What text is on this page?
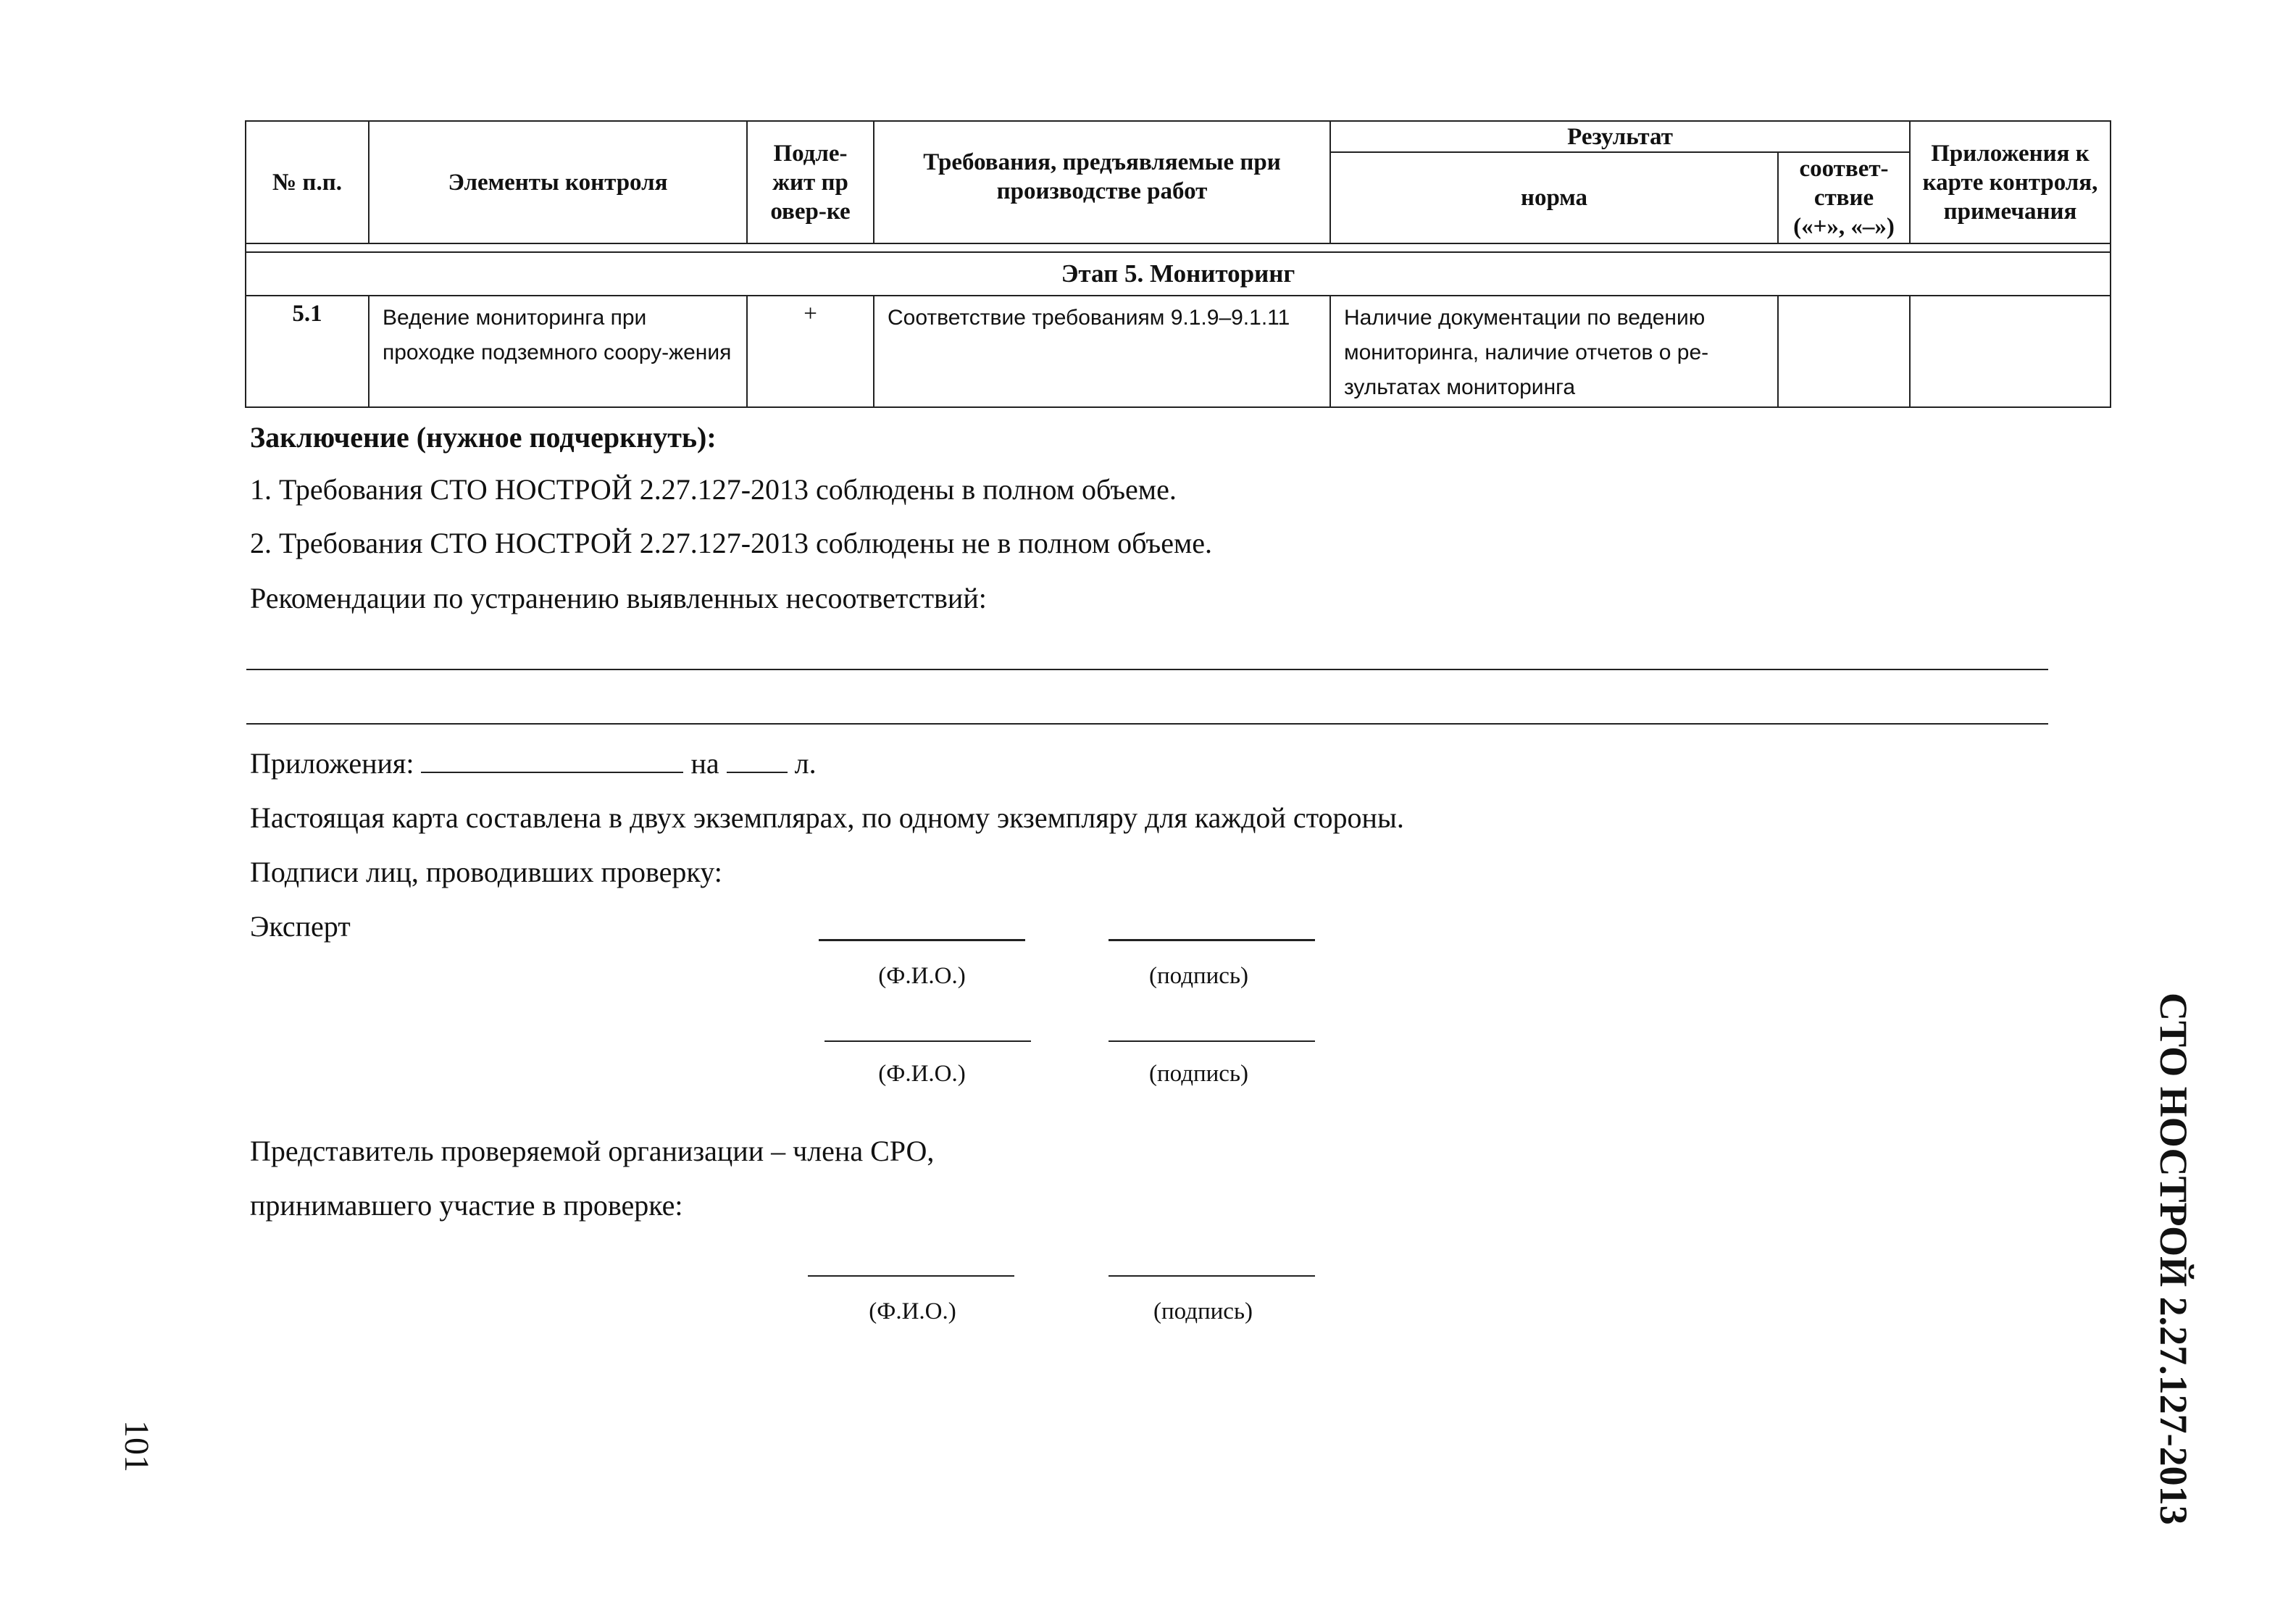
№ п.п.	Элементы контроля	Подле-жит провер-ке	Требования, предъявляемые при производстве работ	Результат		Приложения к карте контроля, примечания
				норма	соответ-ствие («+», «–»)	

Этап 5. Мониторинг						
5.1	Ведение мониторинга при проходке подземного соору-жения	+	Соответствие требованиям 9.1.9–9.1.11	Наличие документации по ведению мониторинга, наличие отчетов о ре-зультатах мониторинга		
Заключение (нужное подчеркнуть):
1. Требования СТО НОСТРОЙ 2.27.127-2013 соблюдены в полном объеме.
2. Требования СТО НОСТРОЙ 2.27.127-2013 соблюдены не в полном объеме.
Рекомендации по устранению выявленных несоответствий:
Приложения:	на	л.
Настоящая карта составлена в двух экземплярах, по одному экземпляру для каждой стороны.
Подписи лиц, проводивших проверку:
Эксперт
(Ф.И.О.)	(подпись)
(Ф.И.О.)	(подпись)
Представитель проверяемой организации – члена СРО,
принимавшего участие в проверке:
(Ф.И.О.)	(подпись)	СТО НОСТРОЙ 2.27.127-2013
101
